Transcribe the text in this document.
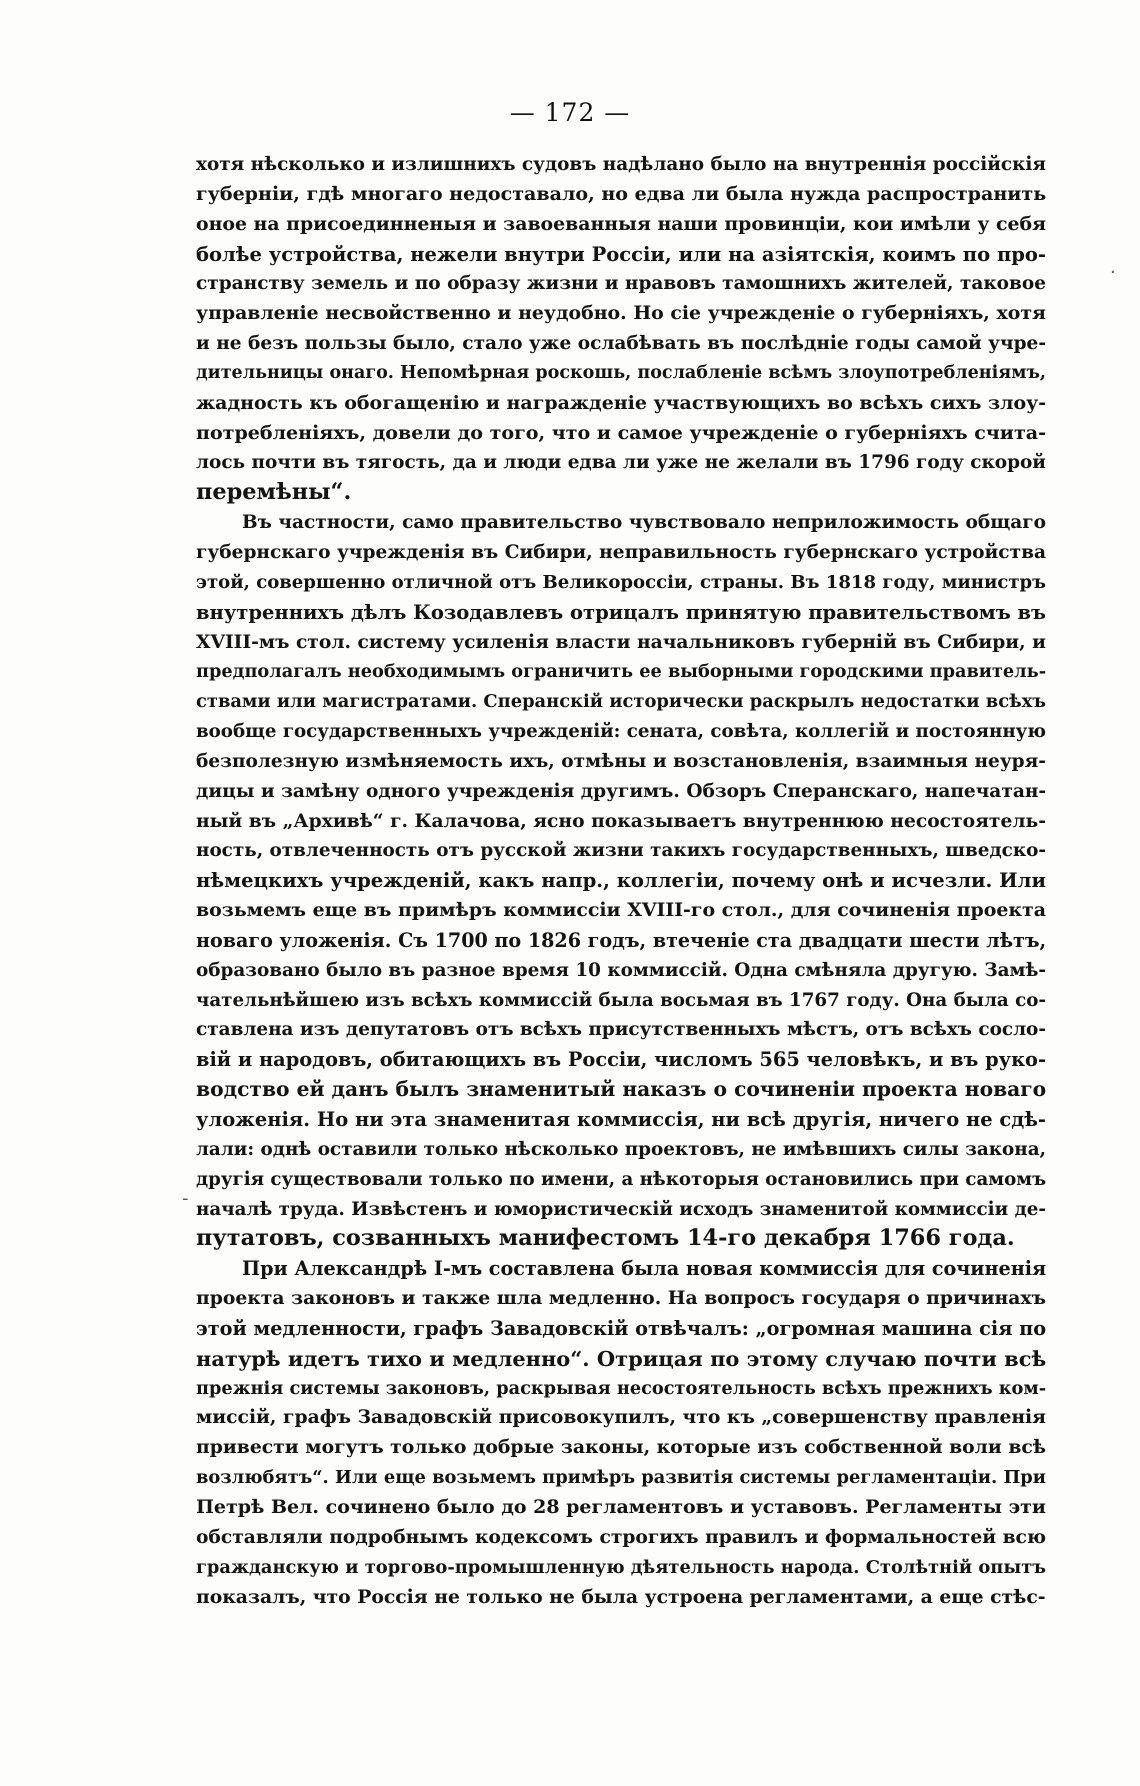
— 172 —
хотя нѣсколько и излишнихъ судовъ надѣлано было на внутреннія россійскія
губерніи, гдѣ многаго недоставало, но едва ли была нужда распространить
оное на присоединненыя и завоеванныя наши провинціи, кои имѣли у себя
болѣе устройства, нежели внутри Россіи, или на азіятскія, коимъ по про-
странству земель и по образу жизни и нравовъ тамошнихъ жителей, таковое
управленіе несвойственно и неудобно. Но сіе учрежденіе о губерніяхъ, хотя
и не безъ пользы было, стало уже ослабѣвать въ послѣдніе годы самой учре-
дительницы онаго. Непомѣрная роскошь, послабленіе всѣмъ злоупотребленіямъ,
жадность къ обогащенію и награжденіе участвующихъ во всѣхъ сихъ злоу-
потребленіяхъ, довели до того, что и самое учрежденіе о губерніяхъ счита-
лось почти въ тягость, да и люди едва ли уже не желали въ 1796 году скорой
перемѣны“.
Въ частности, само правительство чувствовало неприложимость общаго
губернскаго учрежденія въ Сибири, неправильность губернскаго устройства
этой, совершенно отличной отъ Великороссіи, страны. Въ 1818 году, министръ
внутреннихъ дѣлъ Козодавлевъ отрицалъ принятую правительствомъ въ
XVIII-мъ стол. систему усиленія власти начальниковъ губерній въ Сибири, и
предполагалъ необходимымъ ограничить ее выборными городскими правитель-
ствами или магистратами. Сперанскій исторически раскрылъ недостатки всѣхъ
вообще государственныхъ учрежденій: сената, совѣта, коллегій и постоянную
безполезную измѣняемость ихъ, отмѣны и возстановленія, взаимныя неуря-
дицы и замѣну одного учрежденія другимъ. Обзоръ Сперанскаго, напечатан-
ный въ „Архивѣ“ г. Калачова, ясно показываетъ внутреннюю несостоятель-
ность, отвлеченность отъ русской жизни такихъ государственныхъ, шведско-
нѣмецкихъ учрежденій, какъ напр., коллегіи, почему онѣ и исчезли. Или
возьмемъ еще въ примѣръ коммиссіи XVIII-го стол., для сочиненія проекта
новаго уложенія. Съ 1700 по 1826 годъ, втеченіе ста двадцати шести лѣтъ,
образовано было въ разное время 10 коммиссій. Одна смѣняла другую. Замѣ-
чательнѣйшею изъ всѣхъ коммиссій была восьмая въ 1767 году. Она была со-
ставлена изъ депутатовъ отъ всѣхъ присутственныхъ мѣстъ, отъ всѣхъ сосло-
вій и народовъ, обитающихъ въ Россіи, числомъ 565 человѣкъ, и въ руко-
водство ей данъ былъ знаменитый наказъ о сочиненіи проекта новаго
уложенія. Но ни эта знаменитая коммиссія, ни всѣ другія, ничего не сдѣ-
лали: однѣ оставили только нѣсколько проектовъ, не имѣвшихъ силы закона,
другія существовали только по имени, а нѣкоторыя остановились при самомъ
началѣ труда. Извѣстенъ и юмористическій исходъ знаменитой коммиссіи де-
путатовъ, созванныхъ манифестомъ 14-го декабря 1766 года.
При Александрѣ І-мъ составлена была новая коммиссія для сочиненія
проекта законовъ и также шла медленно. На вопросъ государя о причинахъ
этой медленности, графъ Завадовскій отвѣчалъ: „огромная машина сія по
натурѣ идетъ тихо и медленно“. Отрицая по этому случаю почти всѣ
прежнія системы законовъ, раскрывая несостоятельность всѣхъ прежнихъ ком-
миссій, графъ Завадовскій присовокупилъ, что къ „совершенству правленія
привести могутъ только добрые законы, которые изъ собственной воли всѣ
возлюбятъ“. Или еще возьмемъ примѣръ развитія системы регламентаціи. При
Петрѣ Вел. сочинено было до 28 регламентовъ и уставовъ. Регламенты эти
обставляли подробнымъ кодексомъ строгихъ правилъ и формальностей всю
гражданскую и торгово-промышленную дѣятельность народа. Столѣтній опытъ
показалъ, что Россія не только не была устроена регламентами, а еще стѣс-
·
-
